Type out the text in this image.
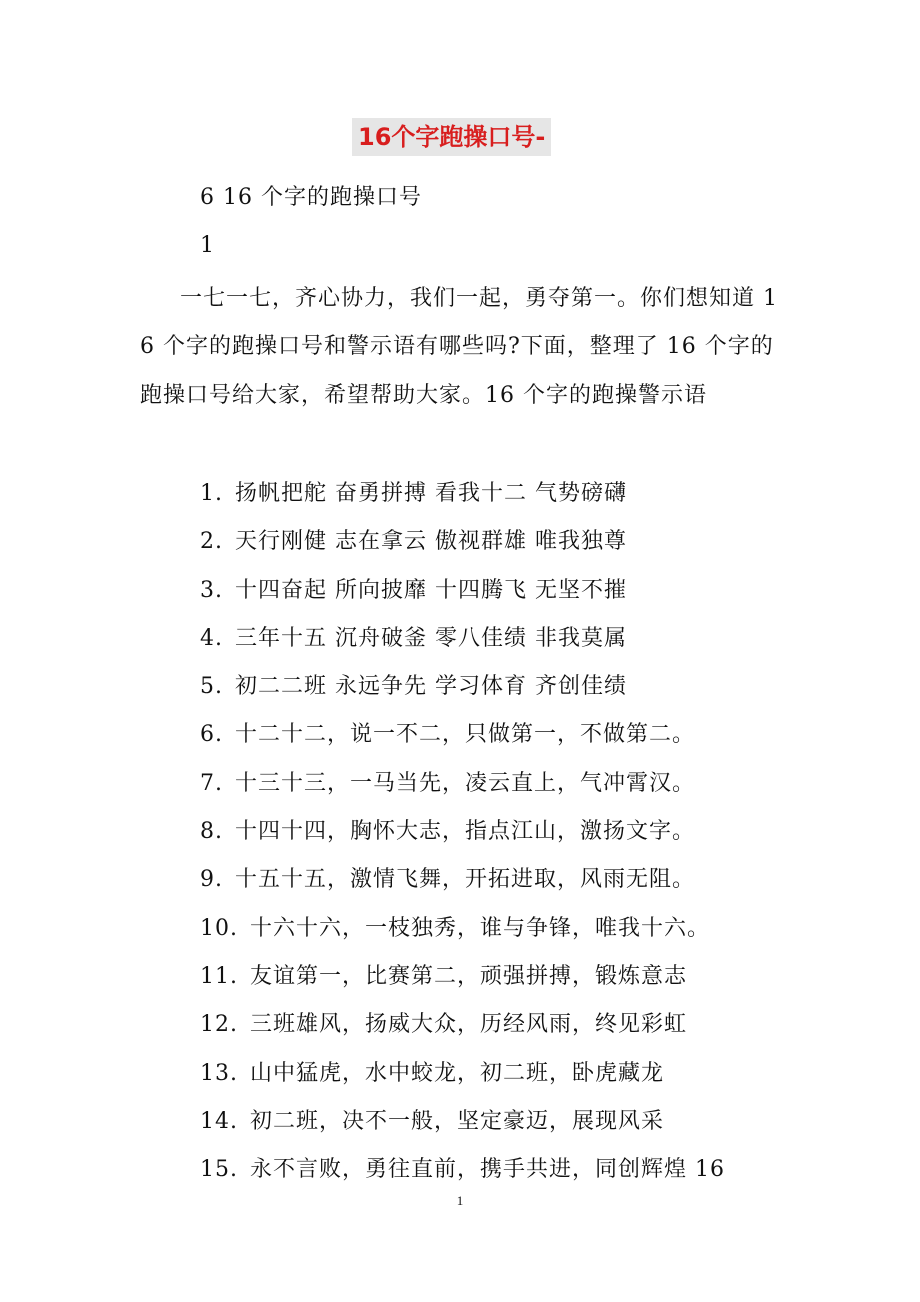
16个字跑操口号-
6 16 个字的跑操口号
1
一七一七，齐心协力，我们一起，勇夺第一。你们想知道 16 个字的跑操口号和警示语有哪些吗?下面，整理了 16 个字的跑操口号给大家，希望帮助大家。16 个字的跑操警示语
1. 扬帆把舵 奋勇拼搏 看我十二 气势磅礴
2. 天行刚健 志在拿云 傲视群雄 唯我独尊
3. 十四奋起 所向披靡 十四腾飞 无坚不摧
4. 三年十五 沉舟破釜 零八佳绩 非我莫属
5. 初二二班 永远争先 学习体育 齐创佳绩
6. 十二十二，说一不二，只做第一，不做第二。
7. 十三十三，一马当先，凌云直上，气冲霄汉。
8. 十四十四，胸怀大志，指点江山，激扬文字。
9. 十五十五，激情飞舞，开拓进取，风雨无阻。
10. 十六十六，一枝独秀，谁与争锋，唯我十六。
11. 友谊第一，比赛第二，顽强拼搏，锻炼意志
12. 三班雄风，扬威大众，历经风雨，终见彩虹
13. 山中猛虎，水中蛟龙，初二班，卧虎藏龙
14. 初二班，决不一般，坚定豪迈，展现风采
15. 永不言败，勇往直前，携手共进，同创辉煌 16
1
